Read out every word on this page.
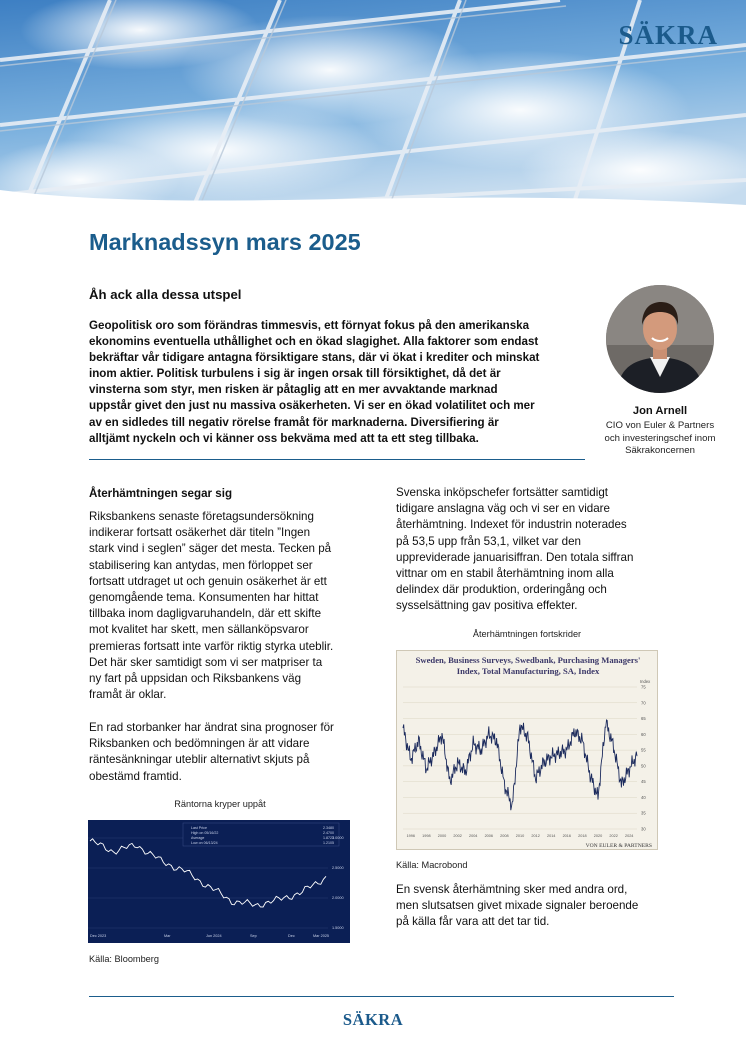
SÄKRA
Marknadssyn mars 2025
Åh ack alla dessa utspel
Geopolitisk oro som förändras timmesvis, ett förnyat fokus på den amerikanska
ekonomins eventuella uthållighet och en ökad slagighet. Alla faktorer som endast
bekräftar vår tidigare antagna försiktigare stans, där vi ökat i krediter och minskat
inom aktier. Politisk turbulens i sig är ingen orsak till försiktighet, då det är
vinsterna som styr, men risken är påtaglig att en mer avvaktande marknad
uppstår givet den just nu massiva osäkerheten. Vi ser en ökad volatilitet och mer
av en sidledes till negativ rörelse framåt för marknaderna. Diversifiering är
alltjämt nyckeln och vi känner oss bekväma med att ta ett steg tillbaka.
Jon Arnell
CIO von Euler & Partners
och investeringschef inom
Säkrakoncernen
Återhämtningen segar sig
Riksbankens senaste företagsundersökning
indikerar fortsatt osäkerhet där titeln ”Ingen
stark vind i seglen” säger det mesta. Tecken på
stabilisering kan antydas, men förloppet ser
fortsatt utdraget ut och genuin osäkerhet är ett
genomgående tema. Konsumenten har hittat
tillbaka inom dagligvaruhandeln, där ett skifte
mot kvalitet har skett, men sällanköpsvaror
premieras fortsatt inte varför riktig styrka uteblir.
Det här sker samtidigt som vi ser matpriser ta
ny fart på uppsidan och Riksbankens väg
framåt är oklar.
En rad storbanker har ändrat sina prognoser för
Riksbanken och bedömningen är att vidare
räntesänkningar uteblir alternativt skjuts på
obestämd framtid.
Räntorna kryper uppåt
Last Price
High on 05/16/22
Average
Low on 06/13/24
2.3480
2.4700
1.8723
1.2105
3.0000
2.5000
2.0000
1.5000
Dec 2023	Mar	Jun 2024	Sep	Dec	Mar 2025
Källa: Bloomberg
Svenska inköpschefer fortsätter samtidigt
tidigare anslagna väg och vi ser en vidare
återhämtning. Indexet för industrin noterades
på 53,5 upp från 53,1, vilket var den
uppreviderade januarisiffran. Den totala siffran
vittnar om en stabil återhämtning inom alla
delindex där produktion, orderingång och
sysselsättning gav positiva effekter.
Återhämtningen fortskrider
Sweden, Business Surveys, Swedbank, Purchasing Managers'
Index, Total Manufacturing, SA, Index
Index
75
70
65
60
55
50
45
40
35
30
1996 1998 2000 2002 2004 2006 2008 2010 2012 2014 2016 2018 2020 2022 2024
VON EULER & PARTNERS
Källa: Macrobond
En svensk återhämtning sker med andra ord,
men slutsatsen givet mixade signaler beroende
på källa får vara att det tar tid.
SÄKRA
